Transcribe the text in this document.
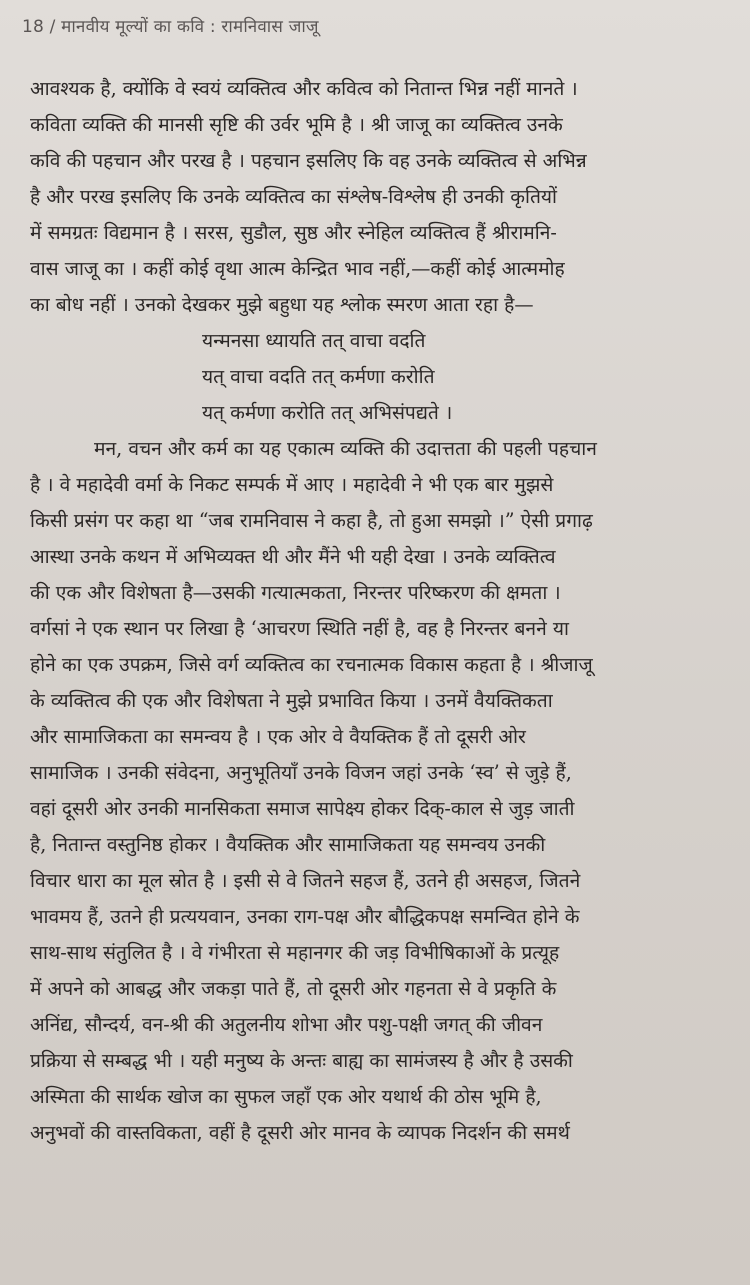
18 / मानवीय मूल्यों का कवि : रामनिवास जाजू
आवश्यक है, क्योंकि वे स्वयं व्यक्तित्व और कवित्व को नितान्त भिन्न नहीं मानते ।
कविता व्यक्ति की मानसी सृष्टि की उर्वर भूमि है । श्री जाजू का व्यक्तित्व उनके
कवि की पहचान और परख है । पहचान इसलिए कि वह उनके व्यक्तित्व से अभिन्न
है और परख इसलिए कि उनके व्यक्तित्व का संश्लेष-विश्लेष ही उनकी कृतियों
में समग्रतः विद्यमान है । सरस, सुडौल, सुष्ठ और स्नेहिल व्यक्तित्व हैं श्रीरामनि-
वास जाजू का । कहीं कोई वृथा आत्म केन्द्रित भाव नहीं,—कहीं कोई आत्ममोह
का बोध नहीं । उनको देखकर मुझे बहुधा यह श्लोक स्मरण आता रहा है—
यन्मनसा ध्यायति तत् वाचा वदति
यत् वाचा वदति तत् कर्मणा करोति
यत् कर्मणा करोति तत् अभिसंपद्यते ।
मन, वचन और कर्म का यह एकात्म व्यक्ति की उदात्तता की पहली पहचान
है । वे महादेवी वर्मा के निकट सम्पर्क में आए । महादेवी ने भी एक बार मुझसे
किसी प्रसंग पर कहा था “जब रामनिवास ने कहा है, तो हुआ समझो ।” ऐसी प्रगाढ़
आस्था उनके कथन में अभिव्यक्त थी और मैंने भी यही देखा । उनके व्यक्तित्व
की एक और विशेषता है—उसकी गत्यात्मकता, निरन्तर परिष्करण की क्षमता ।
वर्गसां ने एक स्थान पर लिखा है ‘आचरण स्थिति नहीं है, वह है निरन्तर बनने या
होने का एक उपक्रम, जिसे वर्ग व्यक्तित्व का रचनात्मक विकास कहता है । श्रीजाजू
के व्यक्तित्व की एक और विशेषता ने मुझे प्रभावित किया । उनमें वैयक्तिकता
और सामाजिकता का समन्वय है । एक ओर वे वैयक्तिक हैं तो दूसरी ओर
सामाजिक । उनकी संवेदना, अनुभूतियाँ उनके विजन जहां उनके ‘स्व’ से जुड़े हैं,
वहां दूसरी ओर उनकी मानसिकता समाज सापेक्ष्य होकर दिक्-काल से जुड़ जाती
है, नितान्त वस्तुनिष्ठ होकर । वैयक्तिक और सामाजिकता यह समन्वय उनकी
विचार धारा का मूल स्रोत है । इसी से वे जितने सहज हैं, उतने ही असहज, जितने
भावमय हैं, उतने ही प्रत्ययवान, उनका राग-पक्ष और बौद्धिकपक्ष समन्वित होने के
साथ-साथ संतुलित है । वे गंभीरता से महानगर की जड़ विभीषिकाओं के प्रत्यूह
में अपने को आबद्ध और जकड़ा पाते हैं, तो दूसरी ओर गहनता से वे प्रकृति के
अनिंद्य, सौन्दर्य, वन-श्री की अतुलनीय शोभा और पशु-पक्षी जगत् की जीवन
प्रक्रिया से सम्बद्ध भी । यही मनुष्य के अन्तः बाह्य का सामंजस्य है और है उसकी
अस्मिता की सार्थक खोज का सुफल जहाँ एक ओर यथार्थ की ठोस भूमि है,
अनुभवों की वास्तविकता, वहीं है दूसरी ओर मानव के व्यापक निदर्शन की समर्थ
